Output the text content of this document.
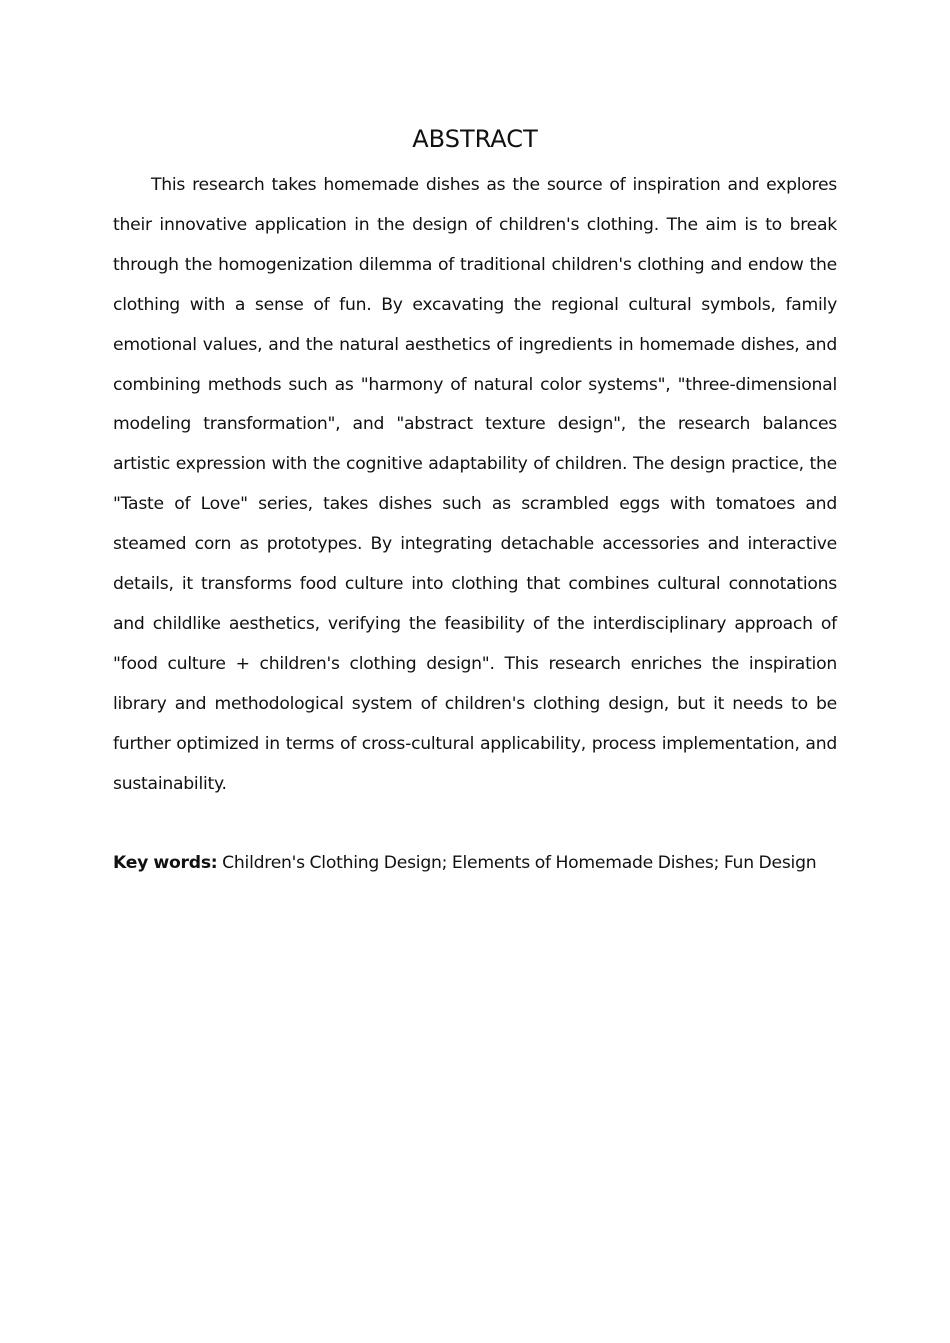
ABSTRACT

This research takes homemade dishes as the source of inspiration and explores their innovative application in the design of children's clothing. The aim is to break through the homogenization dilemma of traditional children's clothing and endow the clothing with a sense of fun. By excavating the regional cultural symbols, family emotional values, and the natural aesthetics of ingredients in homemade dishes, and combining methods such as "harmony of natural color systems", "three-dimensional modeling transformation", and "abstract texture design", the research balances artistic expression with the cognitive adaptability of children. The design practice, the "Taste of Love" series, takes dishes such as scrambled eggs with tomatoes and steamed corn as prototypes. By integrating detachable accessories and interactive details, it transforms food culture into clothing that combines cultural connotations and childlike aesthetics, verifying the feasibility of the interdisciplinary approach of "food culture + children's clothing design". This research enriches the inspiration library and methodological system of children's clothing design, but it needs to be further optimized in terms of cross-cultural applicability, process implementation, and sustainability.

Key words: Children's Clothing Design; Elements of Homemade Dishes; Fun Design
